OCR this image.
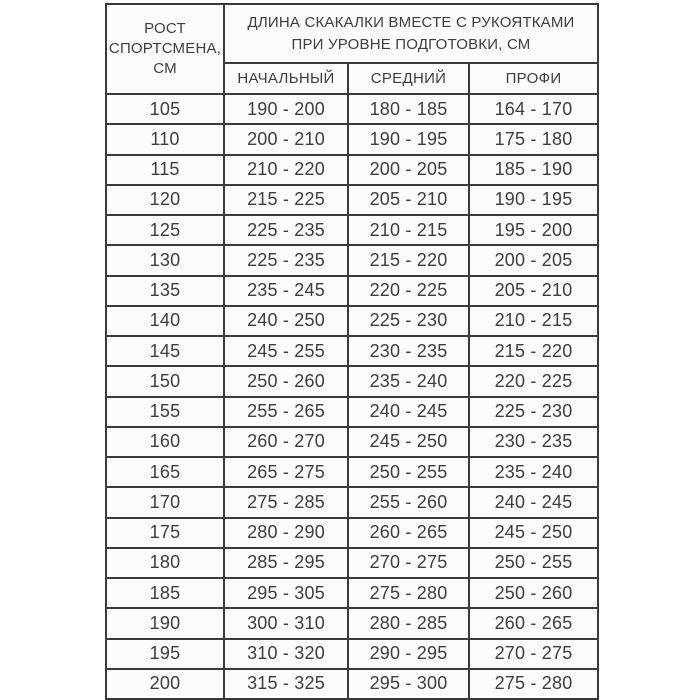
РОСТ СПОРТСМЕНА, СМ	ДЛИНА СКАКАЛКИ ВМЕСТЕ С РУКОЯТКАМИ
ПРИ УРОВНЕ ПОДГОТОВКИ, СМ		

	НАЧАЛЬНЫЙ	СРЕДНИЙ	ПРОФИ
105	190 - 200	180 - 185	164 - 170
110	200 - 210	190 - 195	175 - 180
115	210 - 220	200 - 205	185 - 190
120	215 - 225	205 - 210	190 - 195
125	225 - 235	210 - 215	195 - 200
130	225 - 235	215 - 220	200 - 205
135	235 - 245	220 - 225	205 - 210
140	240 - 250	225 - 230	210 - 215
145	245 - 255	230 - 235	215 - 220
150	250 - 260	235 - 240	220 - 225
155	255 - 265	240 - 245	225 - 230
160	260 - 270	245 - 250	230 - 235
165	265 - 275	250 - 255	235 - 240
170	275 - 285	255 - 260	240 - 245
175	280 - 290	260 - 265	245 - 250
180	285 - 295	270 - 275	250 - 255
185	295 - 305	275 - 280	250 - 260
190	300 - 310	280 - 285	260 - 265
195	310 - 320	290 - 295	270 - 275
200	315 - 325	295 - 300	275 - 280
